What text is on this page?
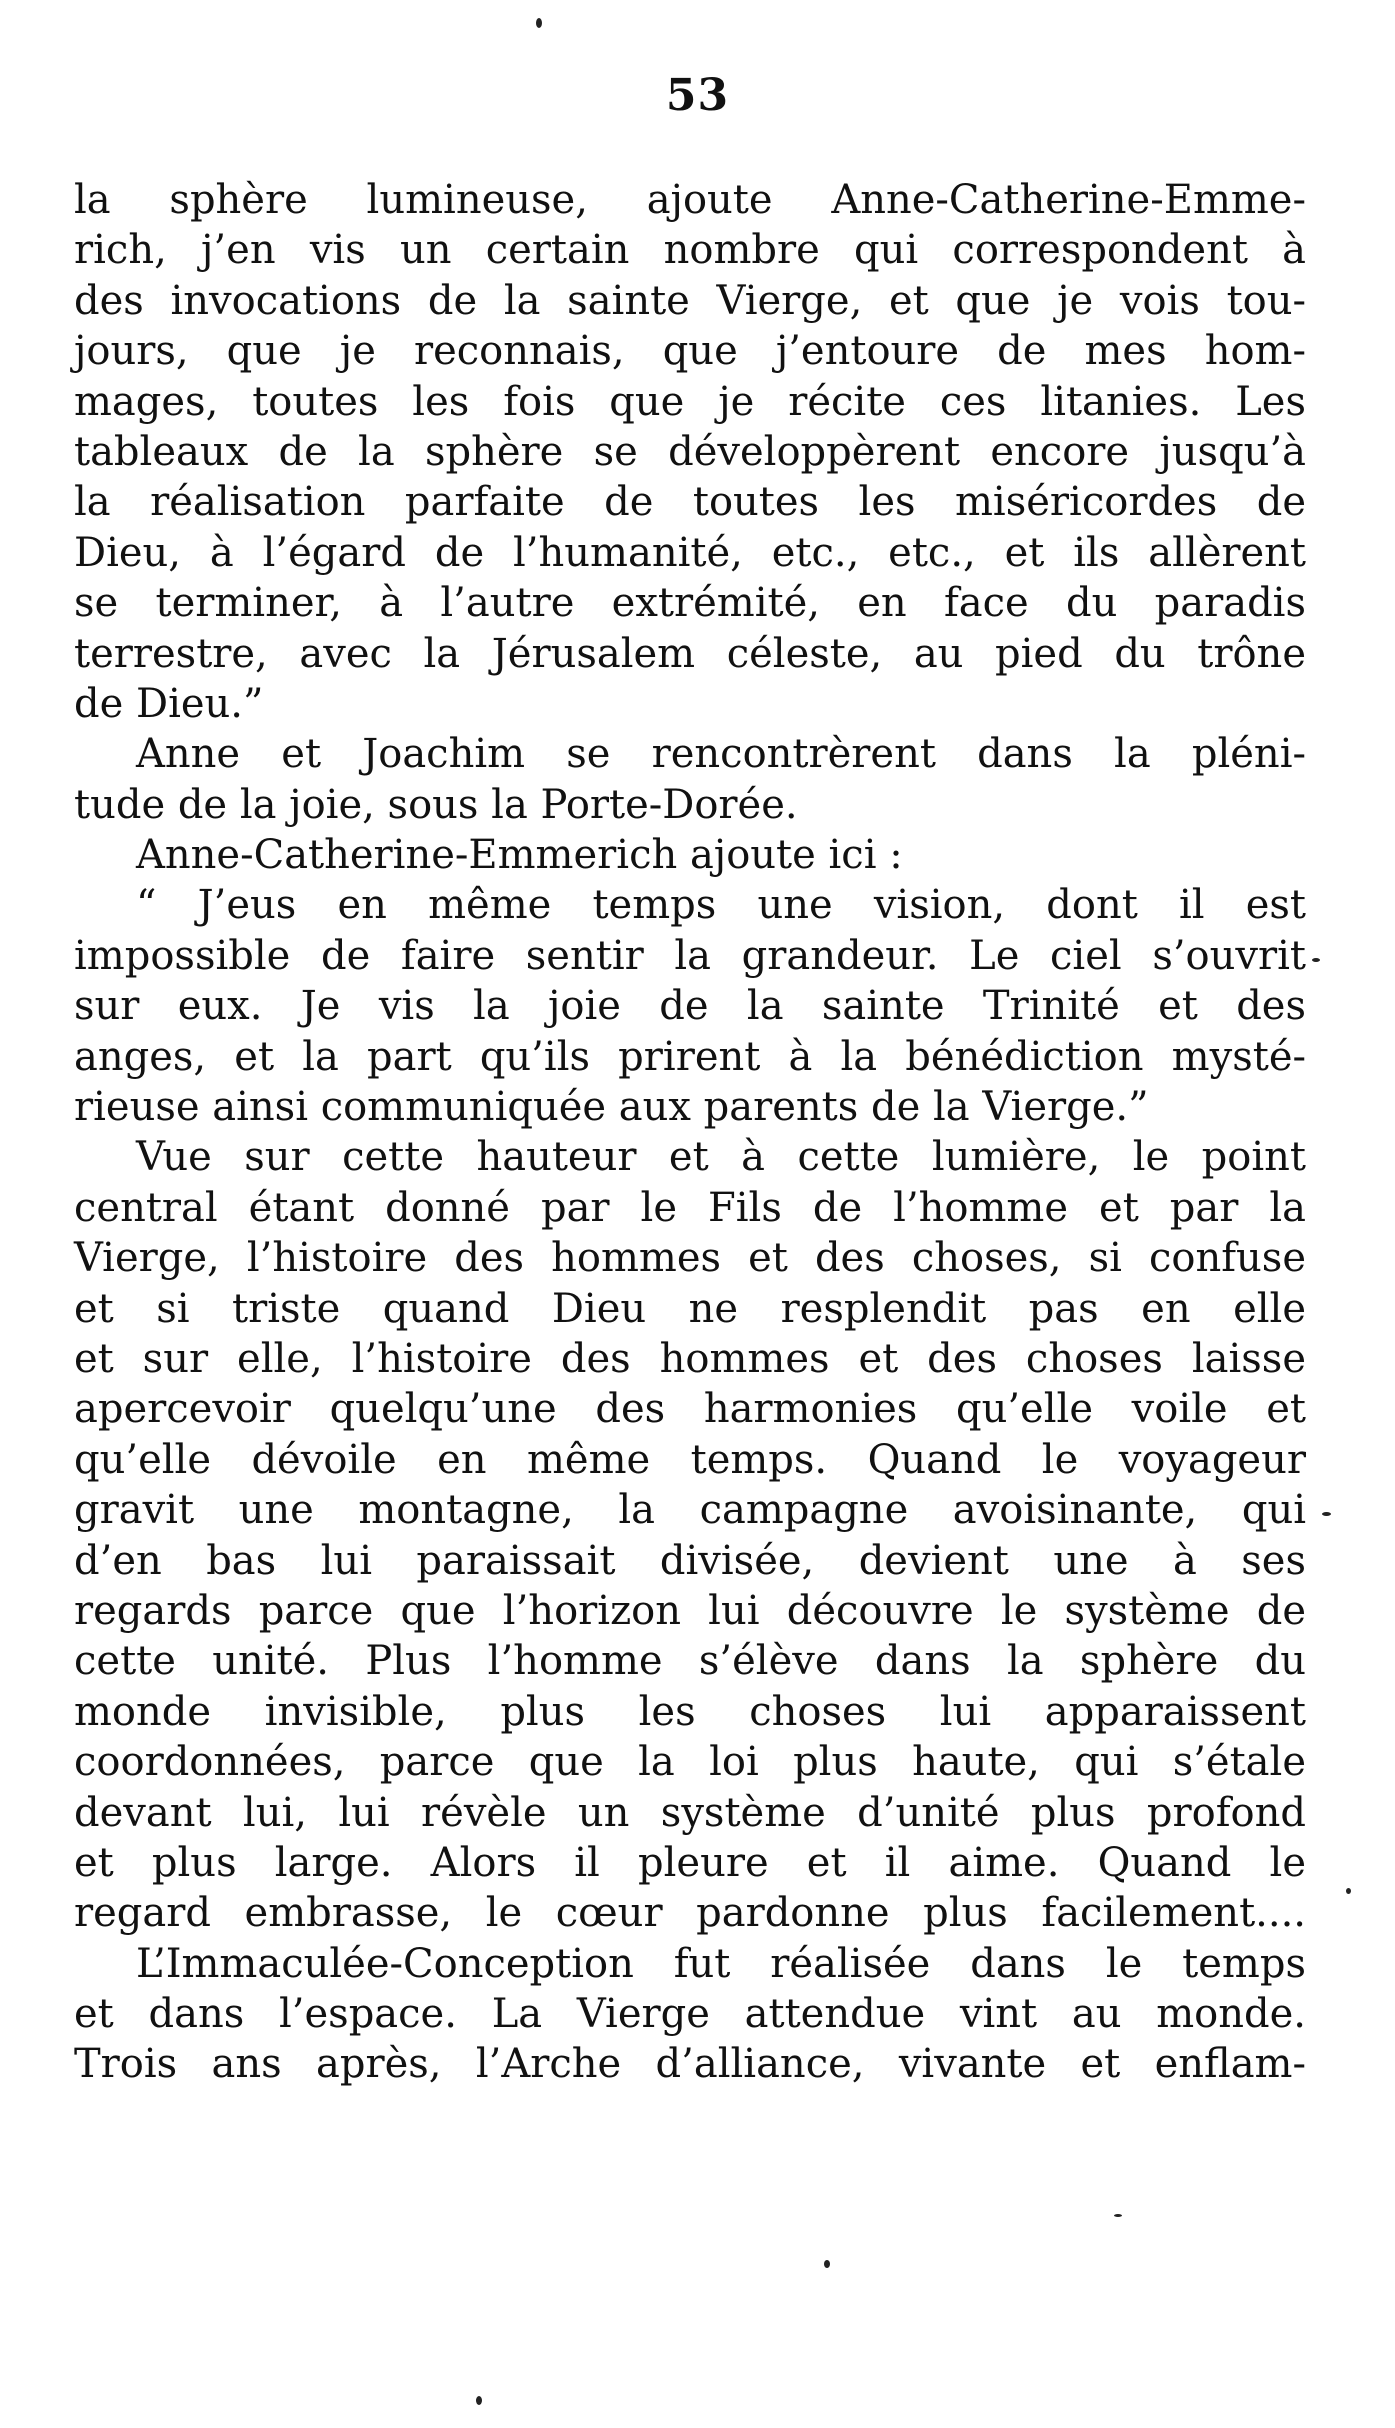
53
la sphère lumineuse, ajoute Anne-Catherine-Emme-
rich, j’en vis un certain nombre qui correspondent à
des invocations de la sainte Vierge, et que je vois tou-
jours, que je reconnais, que j’entoure de mes hom-
mages, toutes les fois que je récite ces litanies. Les
tableaux de la sphère se développèrent encore jusqu’à
la réalisation parfaite de toutes les miséricordes de
Dieu, à l’égard de l’humanité, etc., etc., et ils allèrent
se terminer, à l’autre extrémité, en face du paradis
terrestre, avec la Jérusalem céleste, au pied du trône
de Dieu.”
Anne et Joachim se rencontrèrent dans la pléni-
tude de la joie, sous la Porte-Dorée.
Anne-Catherine-Emmerich ajoute ici :
“ J’eus en même temps une vision, dont il est
impossible de faire sentir la grandeur. Le ciel s’ouvrit
sur eux. Je vis la joie de la sainte Trinité et des
anges, et la part qu’ils prirent à la bénédiction mysté-
rieuse ainsi communiquée aux parents de la Vierge.”
Vue sur cette hauteur et à cette lumière, le point
central étant donné par le Fils de l’homme et par la
Vierge, l’histoire des hommes et des choses, si confuse
et si triste quand Dieu ne resplendit pas en elle
et sur elle, l’histoire des hommes et des choses laisse
apercevoir quelqu’une des harmonies qu’elle voile et
qu’elle dévoile en même temps. Quand le voyageur
gravit une montagne, la campagne avoisinante, qui
d’en bas lui paraissait divisée, devient une à ses
regards parce que l’horizon lui découvre le système de
cette unité. Plus l’homme s’élève dans la sphère du
monde invisible, plus les choses lui apparaissent
coordonnées, parce que la loi plus haute, qui s’étale
devant lui, lui révèle un système d’unité plus profond
et plus large. Alors il pleure et il aime. Quand le
regard embrasse, le cœur pardonne plus facilement....
L’Immaculée-Conception fut réalisée dans le temps
et dans l’espace. La Vierge attendue vint au monde.
Trois ans après, l’Arche d’alliance, vivante et enflam-
